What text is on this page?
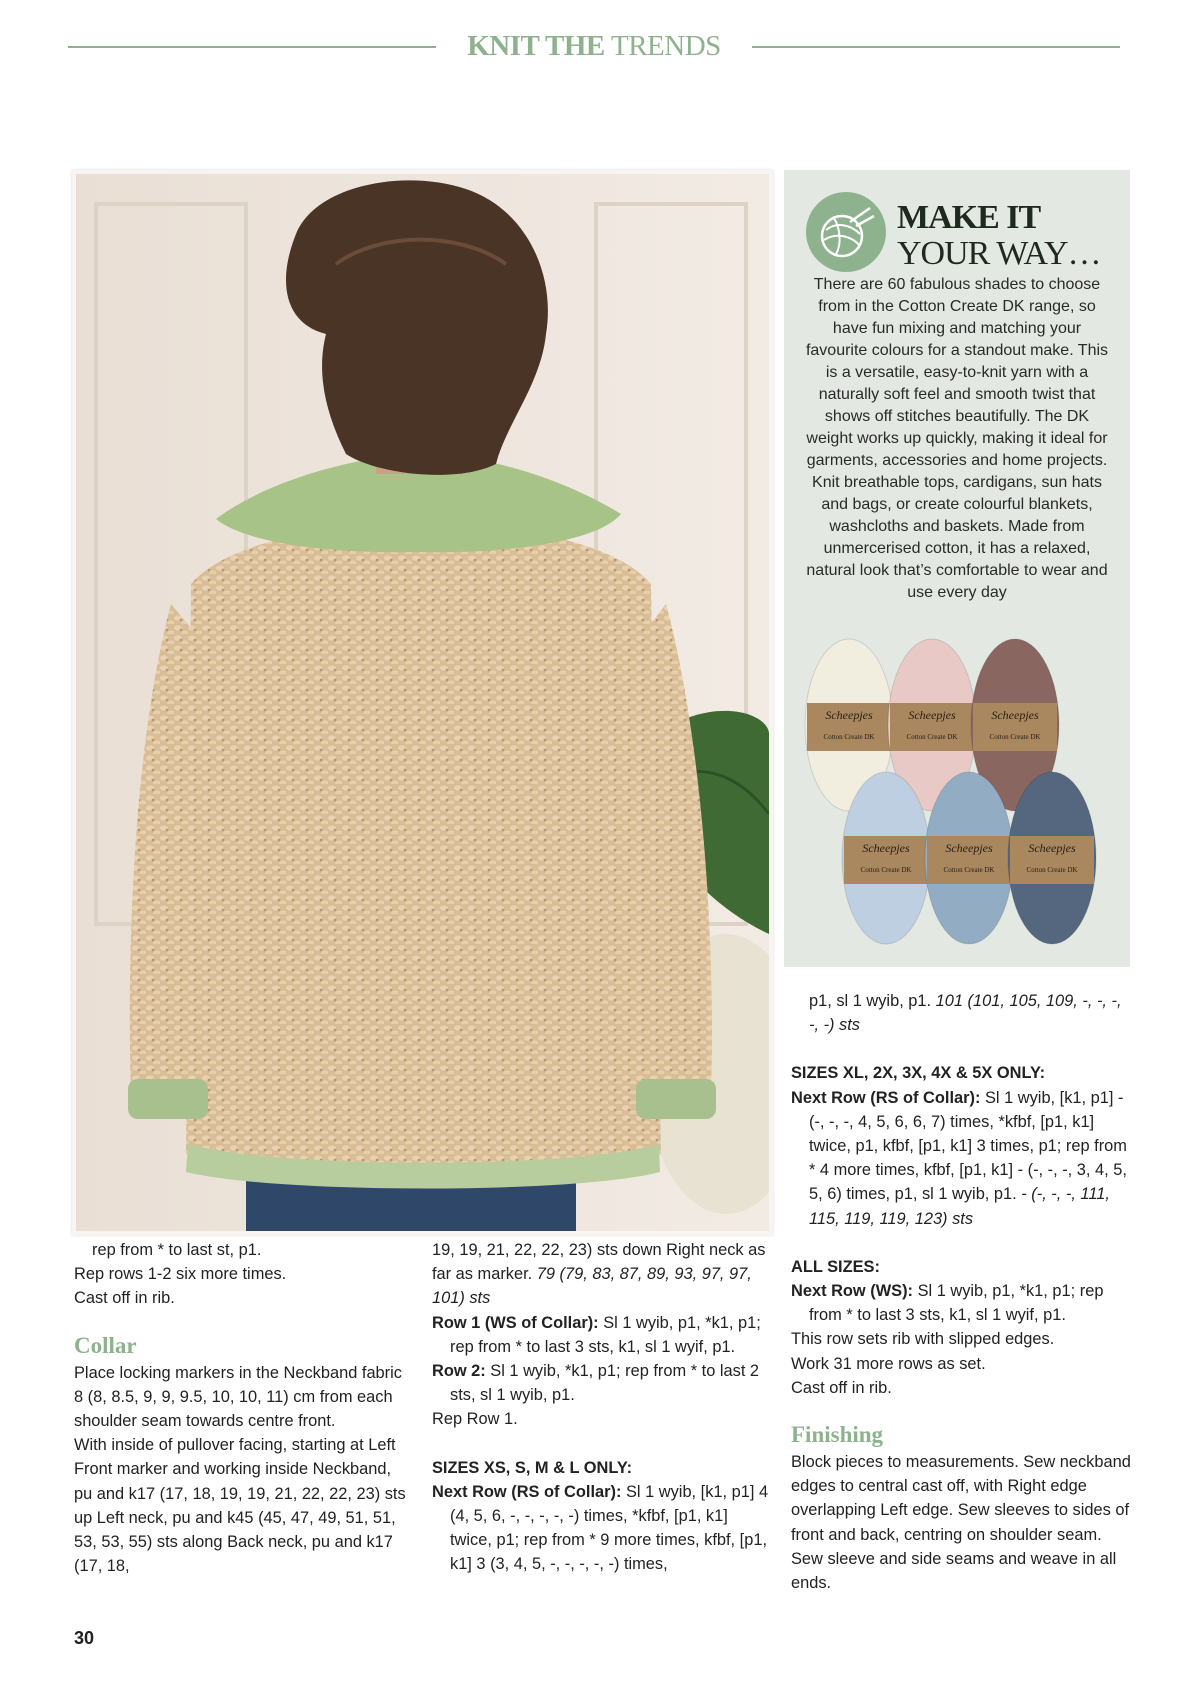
KNIT THE TRENDS
MAKE IT
YOUR WAY…
There are 60 fabulous shades to choose from in the Cotton Create DK range, so have fun mixing and matching your favourite colours for a standout make. This is a versatile, easy-to-knit yarn with a naturally soft feel and smooth twist that shows off stitches beautifully. The DK weight works up quickly, making it ideal for garments, accessories and home projects. Knit breathable tops, cardigans, sun hats and bags, or create colourful blankets, washcloths and baskets. Made from unmercerised cotton, it has a relaxed, natural look that’s comfortable to wear and use every day
Scheepjes
Cotton Create DK
Scheepjes
Cotton Create DK
Scheepjes
Cotton Create DK
Scheepjes
Cotton Create DK
Scheepjes
Cotton Create DK
Scheepjes
Cotton Create DK

rep from * to last st, p1.

Rep rows 1-2 six more times.

Cast off in rib.

Collar

Place locking markers in the Neckband fabric 8 (8, 8.5, 9, 9, 9.5, 10, 10, 11) cm from each shoulder seam towards centre front.

With inside of pullover facing, starting at Left Front marker and working inside Neckband, pu and k17 (17, 18, 19, 19, 21, 22, 22, 23) sts up Left neck, pu and k45 (45, 47, 49, 51, 51, 53, 53, 55) sts along Back neck, pu and k17 (17, 18,

19, 19, 21, 22, 22, 23) sts down Right neck as far as marker. 79 (79, 83, 87, 89, 93, 97, 97, 101) sts

Row 1 (WS of Collar): Sl 1 wyib, p1, *k1, p1; rep from * to last 3 sts, k1, sl 1 wyif, p1.

Row 2: Sl 1 wyib, *k1, p1; rep from * to last 2 sts, sl 1 wyib, p1.

Rep Row 1.

SIZES XS, S, M & L ONLY:

Next Row (RS of Collar): Sl 1 wyib, [k1, p1] 4 (4, 5, 6, -, -, -, -, -) times, *kfbf, [p1, k1] twice, p1; rep from * 9 more times, kfbf, [p1, k1] 3 (3, 4, 5, -, -, -, -, -) times,

p1, sl 1 wyib, p1. 101 (101, 105, 109, -, -, -, -, -) sts

SIZES XL, 2X, 3X, 4X & 5X ONLY:

Next Row (RS of Collar): Sl 1 wyib, [k1, p1] - (-, -, -, 4, 5, 6, 6, 7) times, *kfbf, [p1, k1] twice, p1, kfbf, [p1, k1] 3 times, p1; rep from * 4 more times, kfbf, [p1, k1] - (-, -, -, 3, 4, 5, 5, 6) times, p1, sl 1 wyib, p1. - (-, -, -, 111, 115, 119, 119, 123) sts

ALL SIZES:

Next Row (WS): Sl 1 wyib, p1, *k1, p1; rep from * to last 3 sts, k1, sl 1 wyif, p1.

This row sets rib with slipped edges.

Work 31 more rows as set.

Cast off in rib.

Finishing

Block pieces to measurements. Sew neckband edges to central cast off, with Right edge overlapping Left edge. Sew sleeves to sides of front and back, centring on shoulder seam. Sew sleeve and side seams and weave in all ends.

30
